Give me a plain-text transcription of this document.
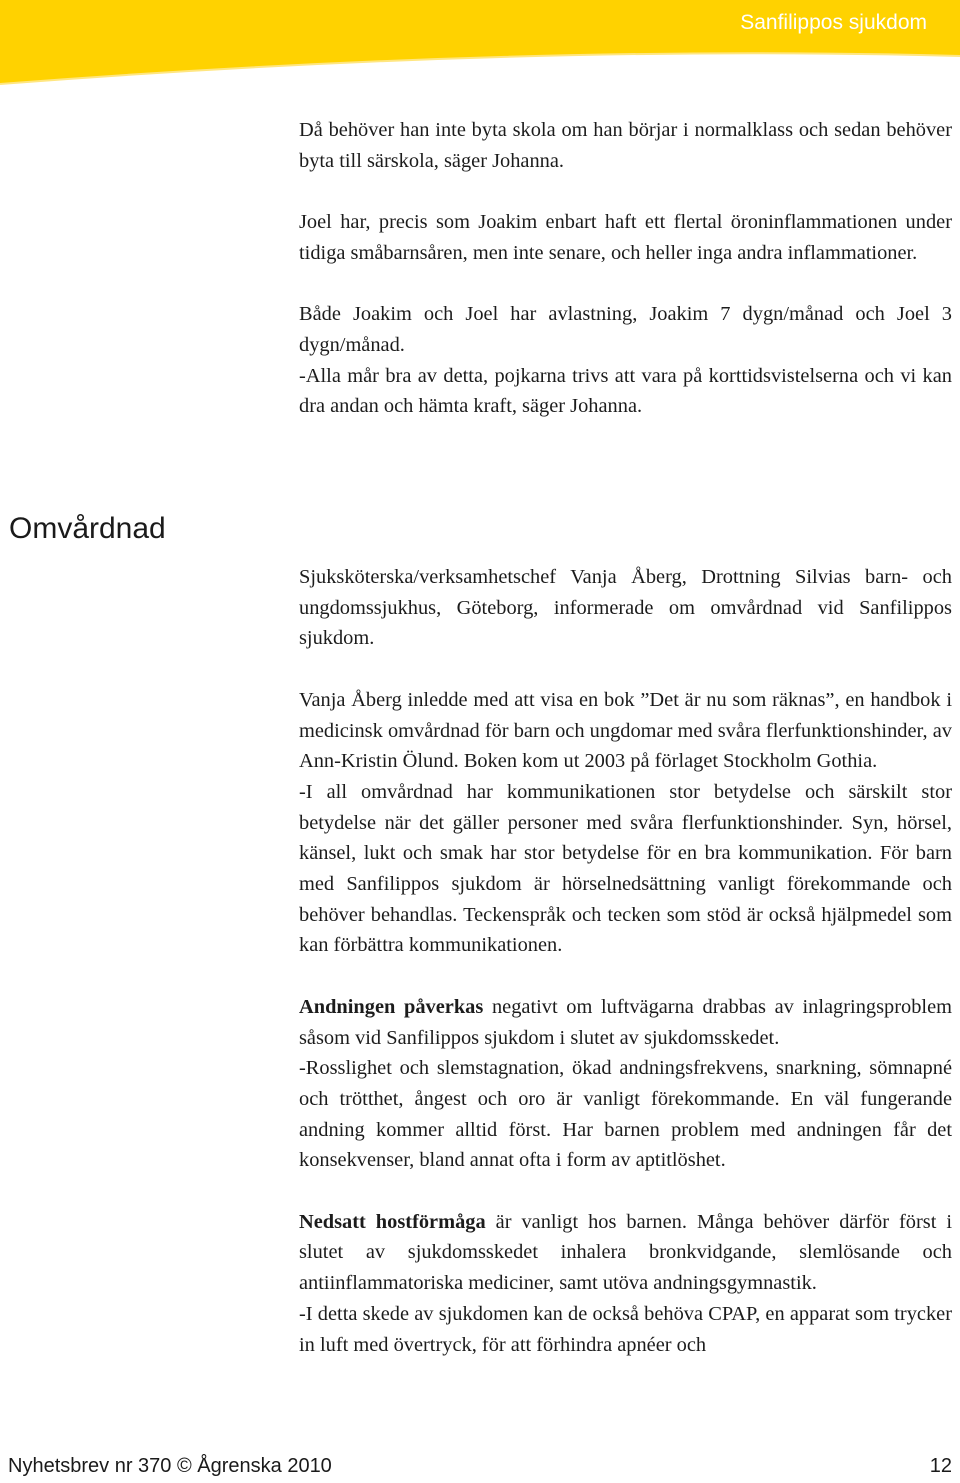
Sanfilippos sjukdom

Då behöver han inte byta skola om han börjar i normalklass och sedan behöver byta till särskola, säger Johanna.

Joel har, precis som Joakim enbart haft ett flertal öroninflammationen under tidiga småbarnsåren, men inte senare, och heller inga andra inflammationer.

Både Joakim och Joel har avlastning, Joakim 7 dygn/månad och Joel 3 dygn/månad.

-Alla mår bra av detta, pojkarna trivs att vara på korttidsvistelserna och vi kan dra andan och hämta kraft, säger Johanna.

Omvårdnad

Sjuksköterska/verksamhetschef Vanja Åberg, Drottning Silvias barn- och ungdomssjukhus, Göteborg, informerade om omvårdnad vid Sanfilippos sjukdom.

Vanja Åberg inledde med att visa en bok ”Det är nu som räknas”, en handbok i medicinsk omvårdnad för barn och ungdomar med svåra flerfunktionshinder, av Ann-Kristin Ölund. Boken kom ut 2003 på förlaget Stockholm Gothia.

-I all omvårdnad har kommunikationen stor betydelse och särskilt stor betydelse när det gäller personer med svåra flerfunktionshinder. Syn, hörsel, känsel, lukt och smak har stor betydelse för en bra kommunikation. För barn med Sanfilippos sjukdom är hörselnedsättning vanligt förekommande och behöver behandlas. Teckenspråk och tecken som stöd är också hjälpmedel som kan förbättra kommunikationen.

Andningen påverkas negativt om luftvägarna drabbas av inlagringsproblem såsom vid Sanfilippos sjukdom i slutet av sjukdomsskedet.

-Rosslighet och slemstagnation, ökad andningsfrekvens, snarkning, sömnapné och trötthet, ångest och oro är vanligt förekommande. En väl fungerande andning kommer alltid först. Har barnen problem med andningen får det konsekvenser, bland annat ofta i form av aptitlöshet.

Nedsatt hostförmåga är vanligt hos barnen. Många behöver därför först i slutet av sjukdomsskedet inhalera bronkvidgande, slemlösande och antiinflammatoriska mediciner, samt utöva andningsgymnastik.

-I detta skede av sjukdomen kan de också behöva CPAP, en apparat som trycker in luft med övertryck, för att förhindra apnéer och

Nyhetsbrev nr 370 © Ågrenska 2010	12
